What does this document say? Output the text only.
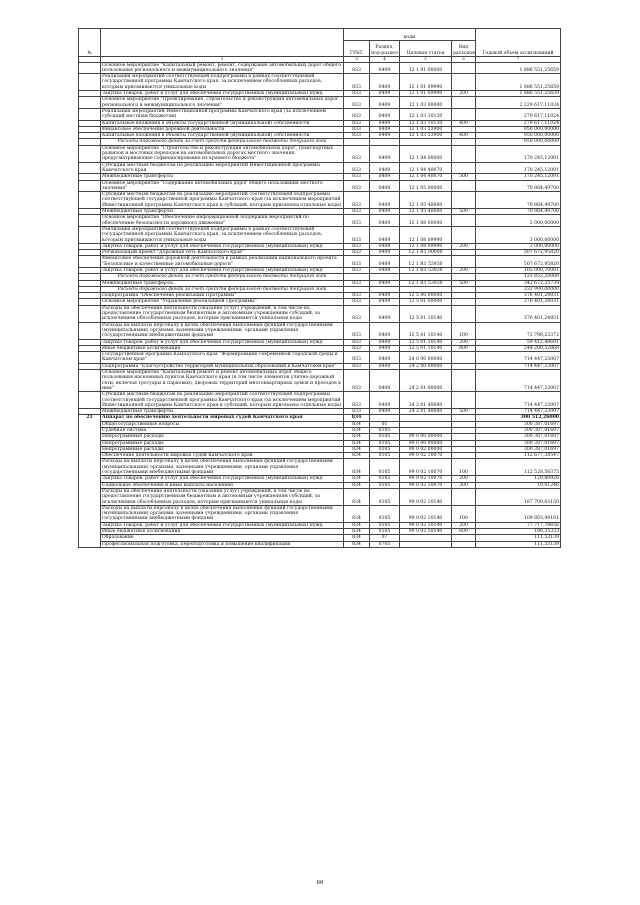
№		коды				Годовой объем ассигнований
		ГРБС	Раздел, под-раздел	Целевая статья	Вид расходов	
.	2	3	4	5	6	7
	Основное мероприятие "Капитальный ремонт, ремонт, содержание автомобильных дорог общего пользования регионального и межмуниципального значения"	833	0409	12 1 01 00000		1 886 551,25659
	Реализация мероприятий соответствующей подпрограммы в рамках соответствующей государственной программы Камчатского края, за исключением обособленных расходов, которым присваиваются уникальные коды	833	0409	12 1 01 09990		1 886 551,25659
	Закупка товаров, работ и услуг для обеспечения государственных (муниципальных) нужд	833	0409	12 1 01 09990	200	1 886 551,25659
	Основное мероприятие "Проектирование, строительство и реконструкция автомобильных дорог регионального и межмуниципального значения"	833	0409	12 1 03 00000		2 229 617,11024
	Реализация мероприятий Инвестиционной программы Камчатского края (за исключением субсидий местным бюджетам)	833	0409	12 1 03 10130		279 617,11024
	Капитальные вложения в объекты государственной (муниципальной) собственности	833	0409	12 1 03 10130	400	279 617,11024
	Финансовое обеспечение дорожной деятельности	833	0409	12 1 03 53900		950 000,00000
	Капитальные вложения в объекты государственной (муниципальной) собственности	833	0409	12 1 03 53900	400	950 000,00000
	Расходы дорожного фонда за счет средств федерального бюджета текущего года					950 000,00000
	Основное мероприятие "Строительство и реконструкция автомобильных дорог, транспортных развязок и мостовых переходов на автомобильных дорогах местного значения, предусматривающее софинансирование из краевого бюджета"	833	0409	12 1 04 00000		170 245,12091
	Субсидии местным бюджетам на реализацию мероприятий Инвестиционной программы Камчатского края	833	0409	12 1 04 40070		170 245,12091
	Межбюджетные трансферты	833	0409	12 1 04 40070	500	170 245,12091
	Основное мероприятие "Содержание автомобильных дорог общего пользования местного значения"	833	0409	12 1 05 00000		70 864,49700
	Субсидия местным бюджетам на реализацию мероприятий соответствующей подпрограммы соответствующей государственной программы Камчатского края (за исключением мероприятий Инвестиционной программы Камчатского края и субсидий, которым присвоены отдельные коды)	833	0409	12 1 05 40060		70 864,49700
	Межбюджетные трансферты	833	0409	12 1 05 40060	500	70 864,49700
	Основное мероприятие "Обеспечение информационной поддержки мероприятий по обеспечению безопасности дорожного движения"	833	0409	12 1 08 00000		3 000,00000
	Реализация мероприятий соответствующей подпрограммы в рамках соответствующей государственной программы Камчатского края, за исключением обособленных расходов, которым присваиваются уникальные коды	833	0409	12 1 08 09990		3 000,00000
	Закупка товаров, работ и услуг для обеспечения государственных (муниципальных) нужд	833	0409	12 1 08 09990	200	3 000,00000
	Региональный проект "Дорожная сеть Камчатского края"	833	0409	12 1 R1 00000		507 672,95820
	Финансовое обеспечение дорожной деятельности в рамках реализации национального проекта "Безопасные и качественные автомобильные дороги"	833	0409	12 1 R1 53930		507 672,95820
	Закупка товаров, работ и услуг для обеспечения государственных (муниципальных) нужд	833	0409	12 1 R1 53930	200	165 000,70081
	Расходы дорожного фонда за счет средств федерального бюджета текущего года					133 853,20000
	Межбюджетные трансферты	833	0409	12 1 R1 53930	500	342 672,25739
	Расходы дорожного фонда за счет средств федерального бюджета текущего года					333 999,00000
	Подпрограмма "Обеспечение реализации Программы"	833	0409	12 5 00 00000		376 401,24931
	Основное мероприятие "Управление реализацией Программы"	833	0409	12 5 01 00000		376 401,24931
	Расходы на обеспечение деятельности (оказание услуг) учреждений, в том числе на предоставление государственным бюджетным и автономным учреждениям субсидий, за исключением обособленных расходов, которым присваиваются уникальные коды	833	0409	12 5 01 10140		376 401,24931
	Расходы на выплаты персоналу в целях обеспечения выполнения функций государственными (муниципальными) органами, казенными учреждениями, органами управления государственными внебюджетными фондами	833	0409	12 5 01 10140	100	72 798,23372
	Закупка товаров, работ и услуг для обеспечения государственных (муниципальных) нужд	833	0409	12 5 01 10140	200	59 412,48691
	Иные бюджетные ассигнования	833	0409	12 5 01 10140	800	244 200,52868
	Государственная программа Камчатского края "Формирование современной городской среды в Камчатском крае"	833	0409	24 0 00 00000		714 447,23007
	Подпрограмма "Благоустройство территорий муниципальных образований в Камчатском крае"	833	0409	24 2 00 00000		714 447,23007
	Основное мероприятие "Капитальный ремонт и ремонт автомобильных дорог общего пользования населенных пунктов Камчатского края (в том числе элементов улично-дорожной сети, включая тротуары и парковки), дворовых территорий многоквартирных домов и проездов к ним"	833	0409	24 2 01 00000		714 447,23007
	Субсидия местным бюджетам на реализацию мероприятий соответствующей подпрограммы соответствующей государственной программы Камчатского края (за исключением мероприятий Инвестиционной программы Камчатского края и субсидий, которым присвоены отдельные коды)	833	0409	24 2 01 40080		714 447,23007
	Межбюджетные трансферты	833	0409	24 2 01 40080	500	714 447,23007
21	Аппарат по обеспечению деятельности мировых судей Камчатского края	834				300 512,26000
	Общегосударственные вопросы	834	01			300 387,01697
	Судебная система	834	0105			300 387,01697
	Непрограммные расходы	834	0105	99 0 00 00000		300 387,01697
	Непрограммные расходы	834	0105	99 0 00 00000		300 387,01697
	Непрограммные расходы	834	0105	99 0 02 00000		300 387,01697
	Обеспечение деятельности мировых судей Камчатского края	834	0105	99 0 02 10070		112 677,38547
	Расходы на выплаты персоналу в целях обеспечения выполнения функций государственными (муниципальными) органами, казенными учреждениями, органами управления государственными внебюджетными фондами	834	0105	99 0 02 10070	100	112 528,56375
	Закупка товаров, работ и услуг для обеспечения государственных (муниципальных) нужд	834	0105	99 0 02 10070	200	129,80926
	Социальное обеспечение и иные выплаты населению	834	0105	99 0 02 10070	300	19,01246
	Расходы на обеспечение деятельности (оказание услуг) учреждений, в том числе на предоставление государственным бюджетным и автономным учреждениям субсидий, за исключением обособленных расходов, которым присваиваются уникальные коды	834	0105	99 0 02 10140		187 709,63150
	Расходы на выплаты персоналу в целях обеспечения выполнения функций государственными (муниципальными) органами, казенными учреждениями, органами управления государственными внебюджетными фондами	834	0105	99 0 02 10140	100	109 803,49161
	Закупка товаров, работ и услуг для обеспечения государственных (муниципальных) нужд	834	0105	99 0 02 10140	200	77 717,78656
	Иные бюджетные ассигнования	834	0105	99 0 02 10140	800	188,35333
	Образование	834	07			111,53139
	Профессиональная подготовка, переподготовка и повышение квалификации	834	0705			111,53139
66
